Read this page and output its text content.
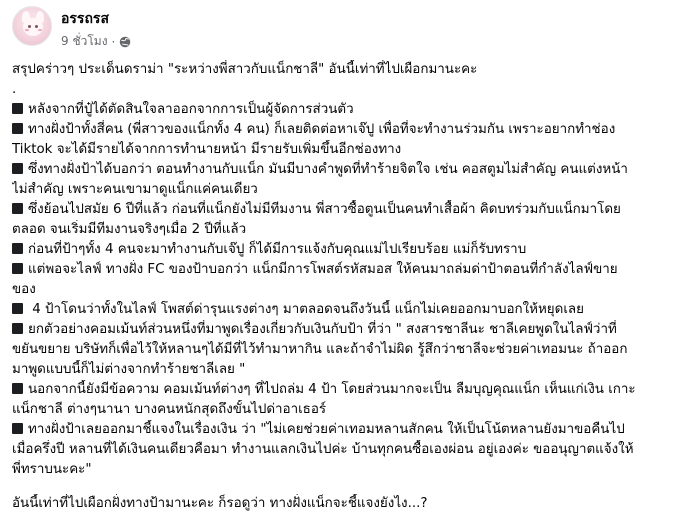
อรรถรส
9 ชั่วโมง ·
สรุปคร่าวๆ ประเด็นดราม่า "ระหว่างพี่สาวกับแน็กชาลี" อันนี้เท่าที่ไปเผือกมานะคะ
.
หลังจากที่ปู๋ได้ตัดสินใจลาออกจากการเป็นผู้จัดการส่วนตัว
ทางฝั่งป้าทั้งสี่คน (พี่สาวของแน็กทั้ง 4 คน) ก็เลยติดต่อหาเจ๊ปู เพื่อที่จะทำงานร่วมกัน เพราะอยากทำช่อง
Tiktok จะได้มีรายได้จากการทำนายหน้า มีรายรับเพิ่มขึ้นอีกช่องทาง
ซึ่งทางฝั่งป้าได้บอกว่า ตอนทำงานกับแน็ก มันมีบางคำพูดที่ทำร้ายจิตใจ เช่น คอสตูมไม่สำคัญ คนแต่งหน้า
ไม่สำคัญ เพราะคนเขามาดูแน็กแค่คนเดียว
ซึ่งย้อนไปสมัย 6 ปีที่แล้ว ก่อนที่แน็กยังไม่มีทีมงาน พี่สาวซื้อตูนเป็นคนทำเสื้อผ้า คิดบทร่วมกับแน็กมาโดย
ตลอด จนเริ่มมีทีมงานจริงๆเมื่อ 2 ปีที่แล้ว
ก่อนที่ป้าๆทั้ง 4 คนจะมาทำงานกับเจ๊ปู ก็ได้มีการแจ้งกับคุณแม่ไปเรียบร้อย แม่ก็รับทราบ
แต่พอจะไลฟ์ ทางฝั่ง FC ของป้าบอกว่า แน็กมีการโพสต์รหัสมอส ให้คนมาถล่มด่าป้าตอนที่กำลังไลฟ์ขาย
ของ
4 ป้าโดนว่าทั้งในไลฟ์ โพสต์ด่ารุนแรงต่างๆ มาตลอดจนถึงวันนี้ แน็กไม่เคยออกมาบอกให้หยุดเลย
ยกตัวอย่างคอมเม้นท์ส่วนหนึ่งที่มาพูดเรื่องเกี่ยวกับเงินกับป้า ที่ว่า " สงสารชาลีนะ ชาลีเคยพูดในไลฟ์ว่าที่
ขยันขยาย บริษัทก็เพื่อไว้ให้หลานๆได้มีที่ไว้ทำมาหากิน และถ้าจำไม่ผิด รู้สึกว่าชาลีจะช่วยค่าเทอมนะ ถ้าออก
มาพูดแบบนี้ก็ไม่ต่างจากทำร้ายชาลีเลย "
นอกจากนี้ยังมีข้อความ คอมเม้นท์ต่างๆ ที่ไปถล่ม 4 ป้า โดยส่วนมากจะเป็น ลืมบุญคุณแน็ก เห็นแก่เงิน เกาะ
แน็กชาลี ต่างๆนานา บางคนหนักสุดถึงขั้นไปด่าอาเธอร์
ทางฝั่งป้าเลยออกมาชี้แจงในเรื่องเงิน ว่า "ไม่เคยช่วยค่าเทอมหลานสักคน ให้เป็นโน้ตหลานยังมาขอคืนไป
เมื่อครึ่งปี หลานที่ได้เงินคนเดียวคือมา ทำงานแลกเงินไปค่ะ บ้านทุกคนซื้อเองผ่อน อยู่เองค่ะ ขออนุญาตแจ้งให้
พี่ทราบนะคะ"
อันนี้เท่าที่ไปเผือกฝั่งทางป้ามานะคะ ก็รอดูว่า ทางฝั่งแน็กจะชี้แจงยังไง...?
